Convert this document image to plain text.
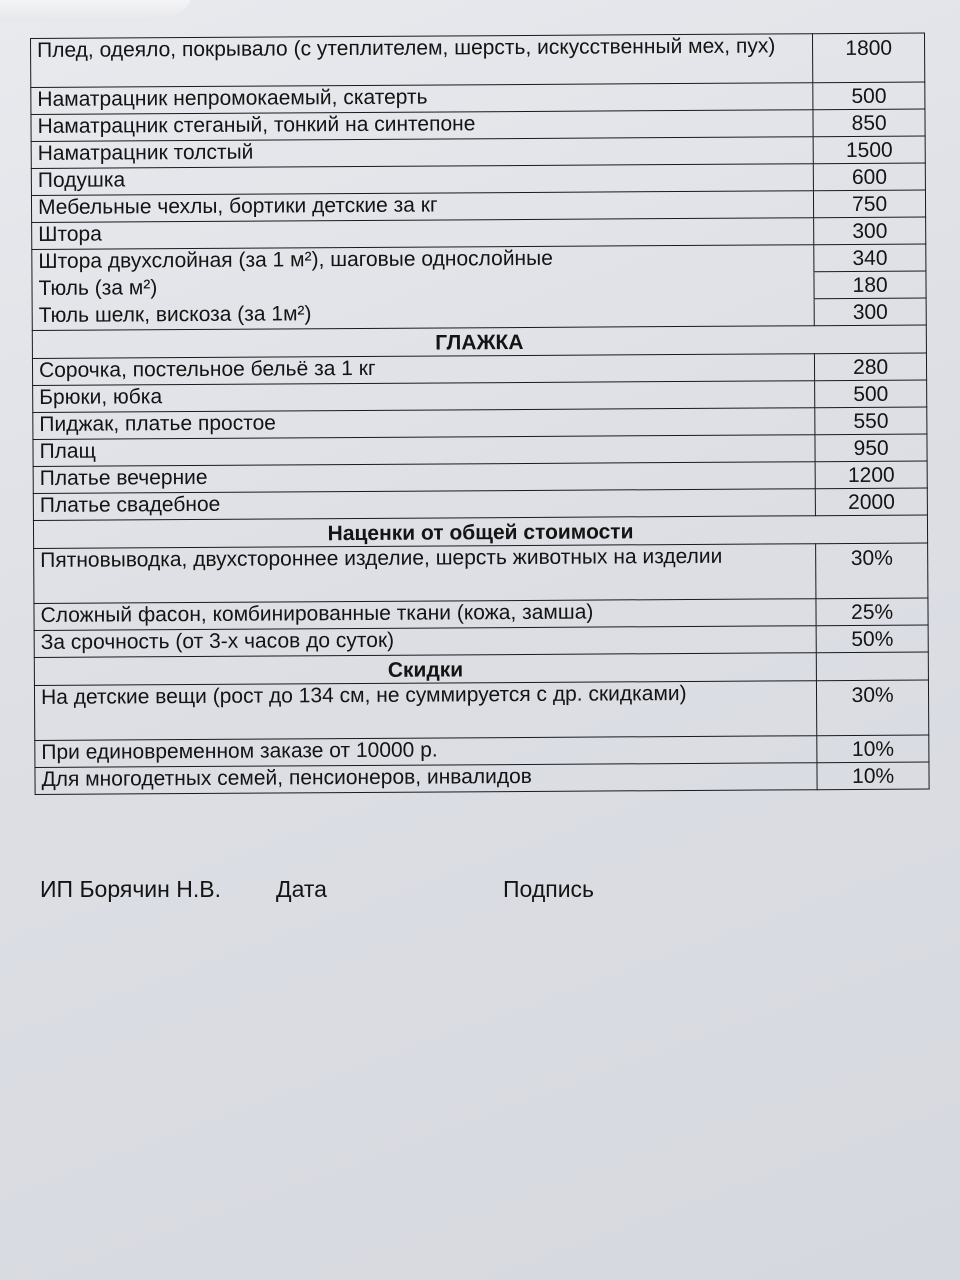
Плед, одеяло, покрывало (с утеплителем, шерсть, искусственный мех, пух)	1800
Наматрацник непромокаемый, скатерть	500
Наматрацник стеганый, тонкий на синтепоне	850
Наматрацник толстый	1500
Подушка	600
Мебельные чехлы, бортики детские за кг	750
Штора	300
Штора двухслойная (за 1 м²), шаговые однослойные	340
Тюль (за м²)	180
Тюль шелк, вискоза (за 1м²)	300
ГЛАЖКА	
Сорочка, постельное бельё за 1 кг	280
Брюки, юбка	500
Пиджак, платье простое	550
Плащ	950
Платье вечерние	1200
Платье свадебное	2000
Наценки от общей стоимости	
Пятновыводка, двухстороннее изделие, шерсть животных на изделии	30%
Сложный фасон, комбинированные ткани (кожа, замша)	25%
За срочность (от 3-х часов до суток)	50%
Скидки	
На детские вещи (рост до 134 см, не суммируется с др. скидками)	30%
При единовременном заказе от 10000 р.	10%
Для многодетных семей, пенсионеров, инвалидов	10%
ИП Борячин Н.В. Дата	Подпись
